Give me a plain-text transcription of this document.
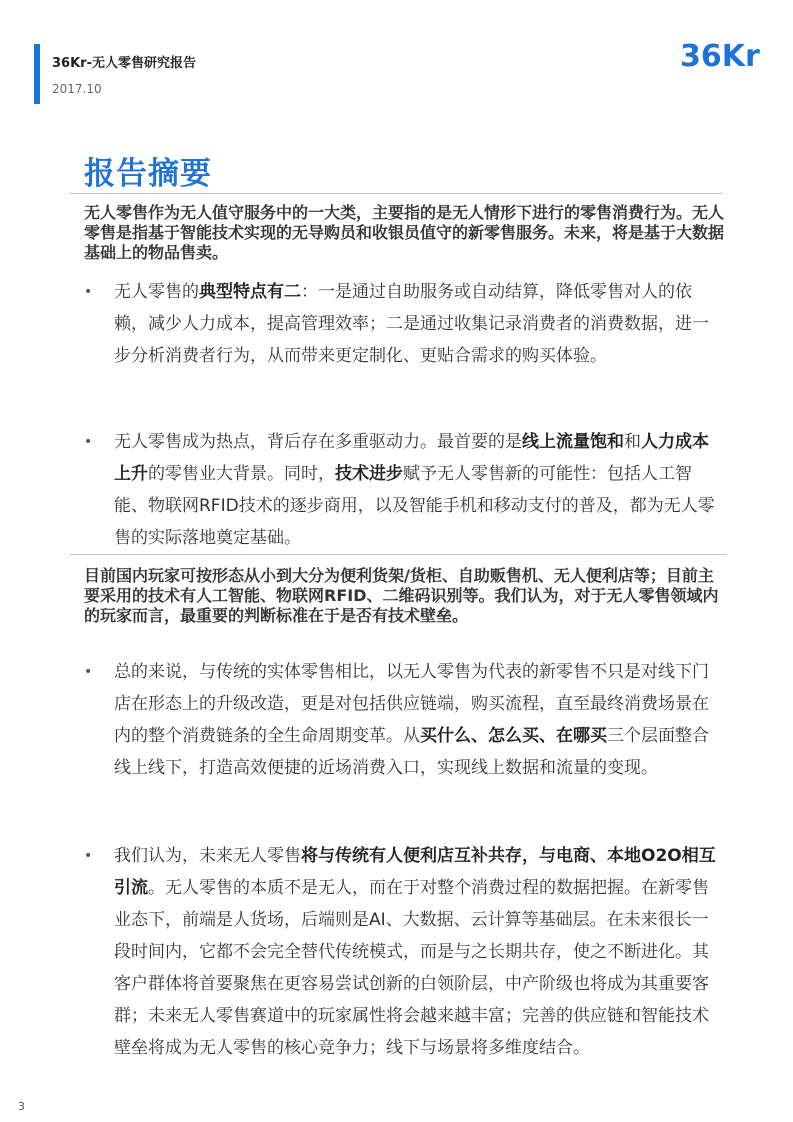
36Kr-无人零售研究报告
2017.10
36Kr
报告摘要

无人零售作为无人值守服务中的一大类，主要指的是无人情形下进行的零售消费行为。无人零售是指基于智能技术实现的无导购员和收银员值守的新零售服务。未来，将是基于大数据基础上的物品售卖。

• 无人零售的典型特点有二：一是通过自助服务或自动结算，降低零售对人的依赖，减少人力成本，提高管理效率；二是通过收集记录消费者的消费数据，进一步分析消费者行为，从而带来更定制化、更贴合需求的购买体验。
• 无人零售成为热点，背后存在多重驱动力。最首要的是线上流量饱和和人力成本上升的零售业大背景。同时，技术进步赋予无人零售新的可能性：包括人工智能、物联网RFID技术的逐步商用，以及智能手机和移动支付的普及，都为无人零售的实际落地奠定基础。

目前国内玩家可按形态从小到大分为便利货架/货柜、自助贩售机、无人便利店等；目前主要采用的技术有人工智能、物联网RFID、二维码识别等。我们认为，对于无人零售领域内的玩家而言，最重要的判断标准在于是否有技术壁垒。

• 总的来说，与传统的实体零售相比，以无人零售为代表的新零售不只是对线下门店在形态上的升级改造，更是对包括供应链端，购买流程，直至最终消费场景在内的整个消费链条的全生命周期变革。从买什么、怎么买、在哪买三个层面整合线上线下，打造高效便捷的近场消费入口，实现线上数据和流量的变现。
• 我们认为，未来无人零售将与传统有人便利店互补共存，与电商、本地O2O相互引流。无人零售的本质不是无人，而在于对整个消费过程的数据把握。在新零售业态下，前端是人货场，后端则是AI、大数据、云计算等基础层。在未来很长一段时间内，它都不会完全替代传统模式，而是与之长期共存，使之不断进化。其客户群体将首要聚焦在更容易尝试创新的白领阶层，中产阶级也将成为其重要客群；未来无人零售赛道中的玩家属性将会越来越丰富；完善的供应链和智能技术壁垒将成为无人零售的核心竞争力；线下与场景将多维度结合。
3
